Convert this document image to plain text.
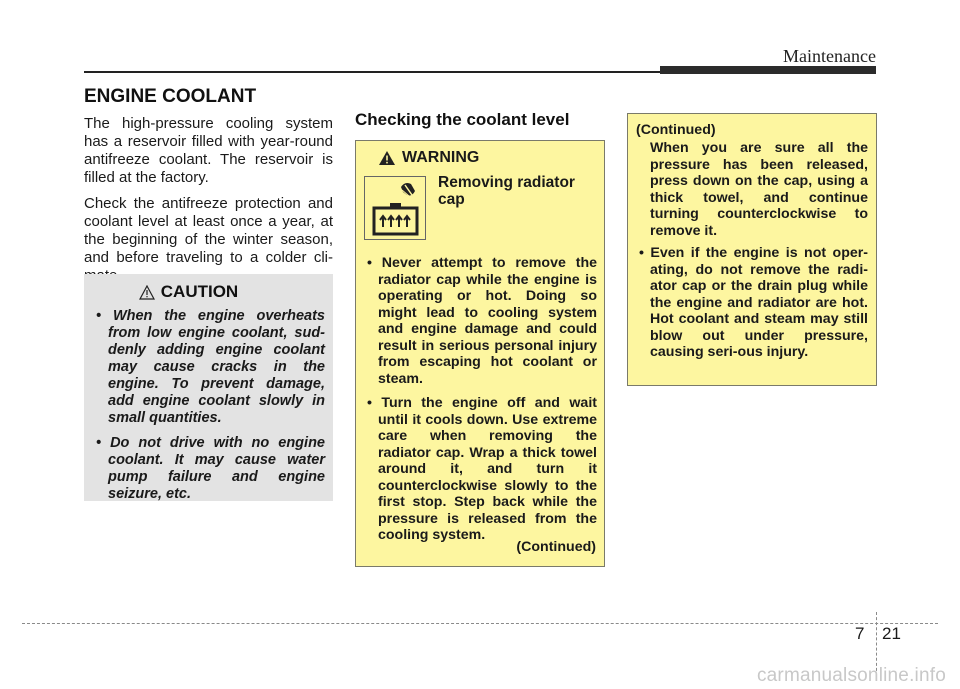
Maintenance
ENGINE COOLANT

The high-pressure cooling system has a reservoir filled with year-round antifreeze coolant. The reservoir is filled at the factory.

Check the antifreeze protection and coolant level at least once a year, at the beginning of the winter season, and before traveling to a colder cli-

CAUTION
• When the engine overheats from low engine coolant, sud-denly adding engine coolant may cause cracks in the engine. To prevent damage, add engine coolant slowly in small quantities.
• Do not drive with no engine coolant. It may cause water pump failure and engine seizure, etc.
Checking the coolant level
WARNING
Removing radiator cap
• Never attempt to remove the radiator cap while the engine is operating or hot. Doing so might lead to cooling system and engine damage and could result in serious personal injury from escaping hot coolant or steam.
• Turn the engine off and wait until it cools down. Use extreme care when removing the radiator cap. Wrap a thick towel around it, and turn it counterclockwise slowly to the first stop. Step back while the pressure is released from the cooling system.
(Continued)

(Continued)

When you are sure all the pressure has been released, press down on the cap, using a thick towel, and continue turning counterclockwise to remove it.

• Even if the engine is not oper-ating, do not remove the radi-ator cap or the drain plug while the engine and radiator are hot. Hot coolant and steam may still blow out under pressure, causing seri-ous injury.
7 21
carmanualsonline.info
